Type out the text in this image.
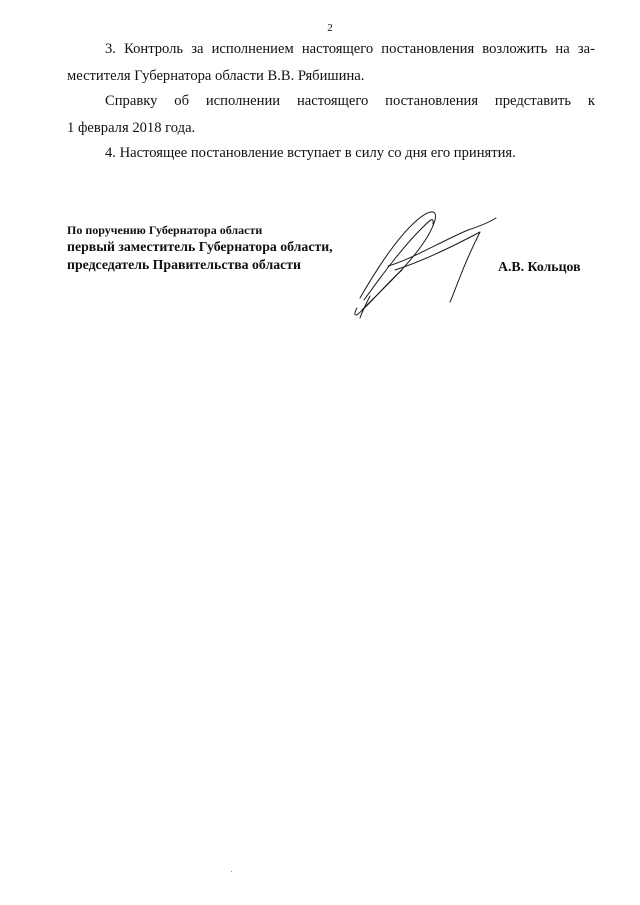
2
3. Контроль за исполнением настоящего постановления возложить на за-
местителя Губернатора области В.В. Рябишина.
Справку об исполнении настоящего постановления представить к
1 февраля 2018 года.
4. Настоящее постановление вступает в силу со дня его принятия.
По поручению Губернатора области
первый заместитель Губернатора области,
председатель Правительства области	А.В. Кольцов
